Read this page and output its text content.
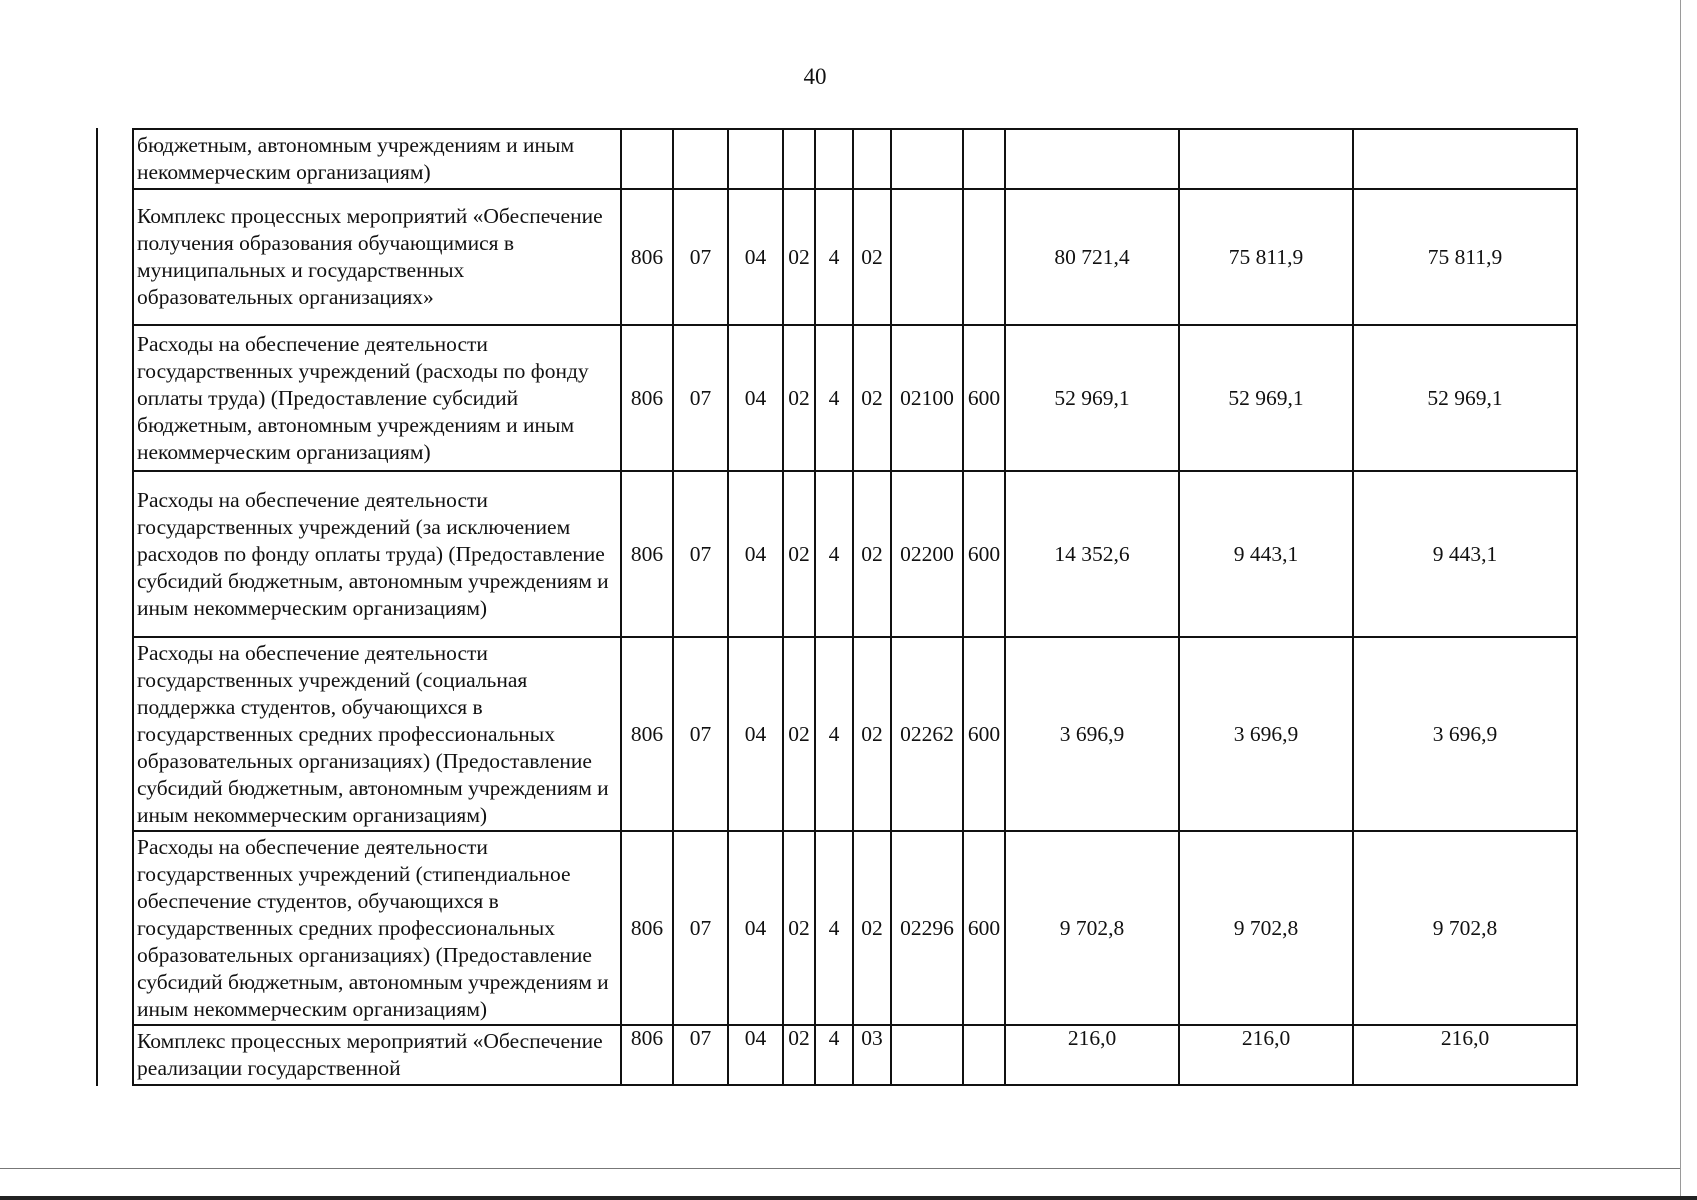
40
	бюджетным, автономным учреждениям и иным некоммерческим организациям)											
	Комплекс процессных мероприятий «Обеспечение получения образования обучающимися в муниципальных и государственных образовательных организациях»	806	07	04	02	4	02			80 721,4	75 811,9	75 811,9
	Расходы на обеспечение деятельности государственных учреждений (расходы по фонду оплаты труда) (Предоставление субсидий бюджетным, автономным учреждениям и иным некоммерческим организациям)	806	07	04	02	4	02	02100	600	52 969,1	52 969,1	52 969,1
	Расходы на обеспечение деятельности государственных учреждений (за исключением расходов по фонду оплаты труда) (Предоставление субсидий бюджетным, автономным учреждениям и иным некоммерческим организациям)	806	07	04	02	4	02	02200	600	14 352,6	9 443,1	9 443,1
	Расходы на обеспечение деятельности государственных учреждений (социальная поддержка студентов, обучающихся в государственных средних профессиональных образовательных организациях) (Предоставление субсидий бюджетным, автономным учреждениям и иным некоммерческим организациям)	806	07	04	02	4	02	02262	600	3 696,9	3 696,9	3 696,9
	Расходы на обеспечение деятельности государственных учреждений (стипендиальное обеспечение студентов, обучающихся в государственных средних профессиональных образовательных организациях) (Предоставление субсидий бюджетным, автономным учреждениям и иным некоммерческим организациям)	806	07	04	02	4	02	02296	600	9 702,8	9 702,8	9 702,8
	Комплекс процессных мероприятий «Обеспечение реализации государственной	806	07	04	02	4	03			216,0	216,0	216,0
